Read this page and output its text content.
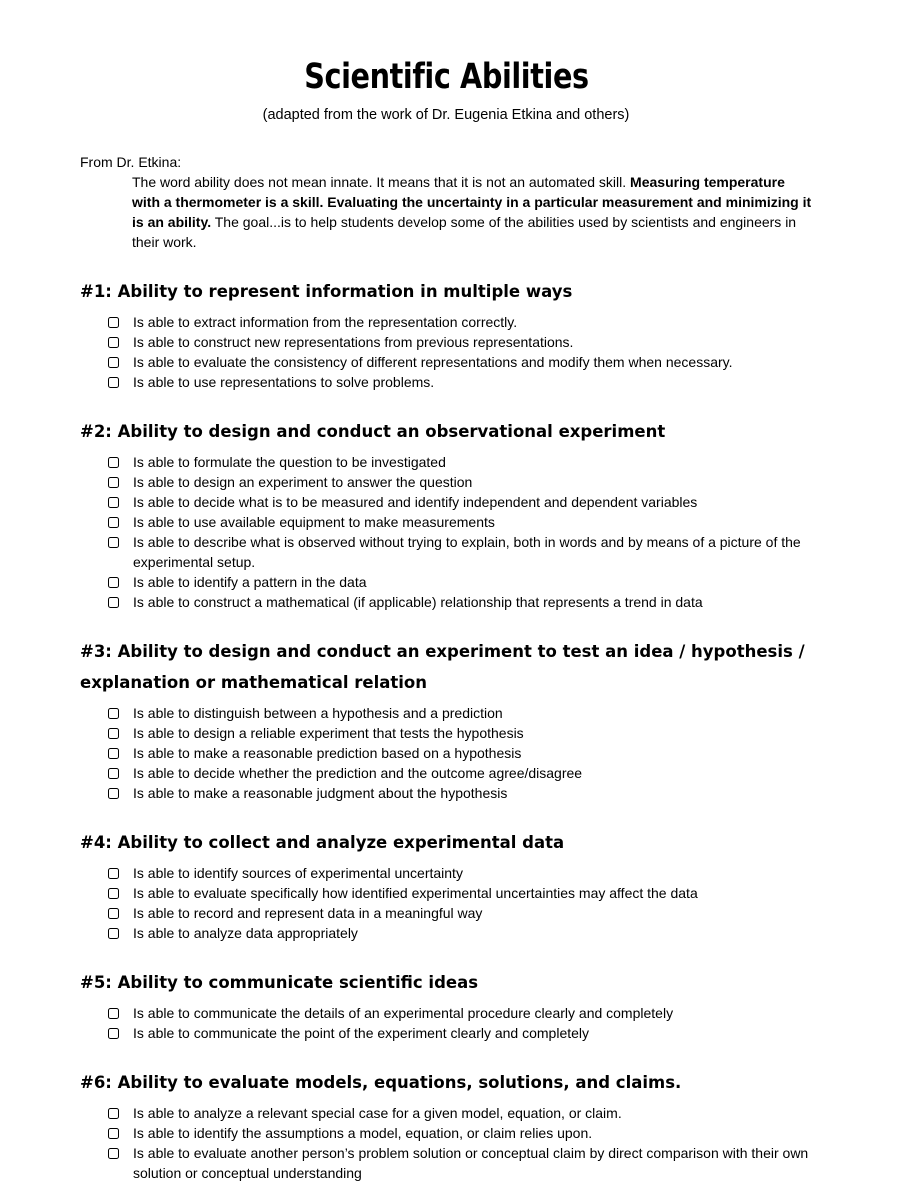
Scientific Abilities
(adapted from the work of Dr. Eugenia Etkina and others)
From Dr. Etkina:

The word ability does not mean innate. It means that it is not an automated skill. Measuring temperature with a thermometer is a skill. Evaluating the uncertainty in a particular measurement and minimizing it is an ability. The goal...is to help students develop some of the abilities used by scientists and engineers in their work.

#1: Ability to represent information in multiple ways
Is able to extract information from the representation correctly.
Is able to construct new representations from previous representations.
Is able to evaluate the consistency of different representations and modify them when necessary.
Is able to use representations to solve problems.
#2: Ability to design and conduct an observational experiment
Is able to formulate the question to be investigated
Is able to design an experiment to answer the question
Is able to decide what is to be measured and identify independent and dependent variables
Is able to use available equipment to make measurements
Is able to describe what is observed without trying to explain, both in words and by means of a picture of the experimental setup.
Is able to identify a pattern in the data
Is able to construct a mathematical (if applicable) relationship that represents a trend in data
#3: Ability to design and conduct an experiment to test an idea / hypothesis / explanation or mathematical relation
Is able to distinguish between a hypothesis and a prediction
Is able to design a reliable experiment that tests the hypothesis
Is able to make a reasonable prediction based on a hypothesis
Is able to decide whether the prediction and the outcome agree/disagree
Is able to make a reasonable judgment about the hypothesis
#4: Ability to collect and analyze experimental data
Is able to identify sources of experimental uncertainty
Is able to evaluate specifically how identified experimental uncertainties may affect the data
Is able to record and represent data in a meaningful way
Is able to analyze data appropriately
#5: Ability to communicate scientific ideas
Is able to communicate the details of an experimental procedure clearly and completely
Is able to communicate the point of the experiment clearly and completely
#6: Ability to evaluate models, equations, solutions, and claims.
Is able to analyze a relevant special case for a given model, equation, or claim.
Is able to identify the assumptions a model, equation, or claim relies upon.
Is able to evaluate another person’s problem solution or conceptual claim by direct comparison with their own solution or conceptual understanding
